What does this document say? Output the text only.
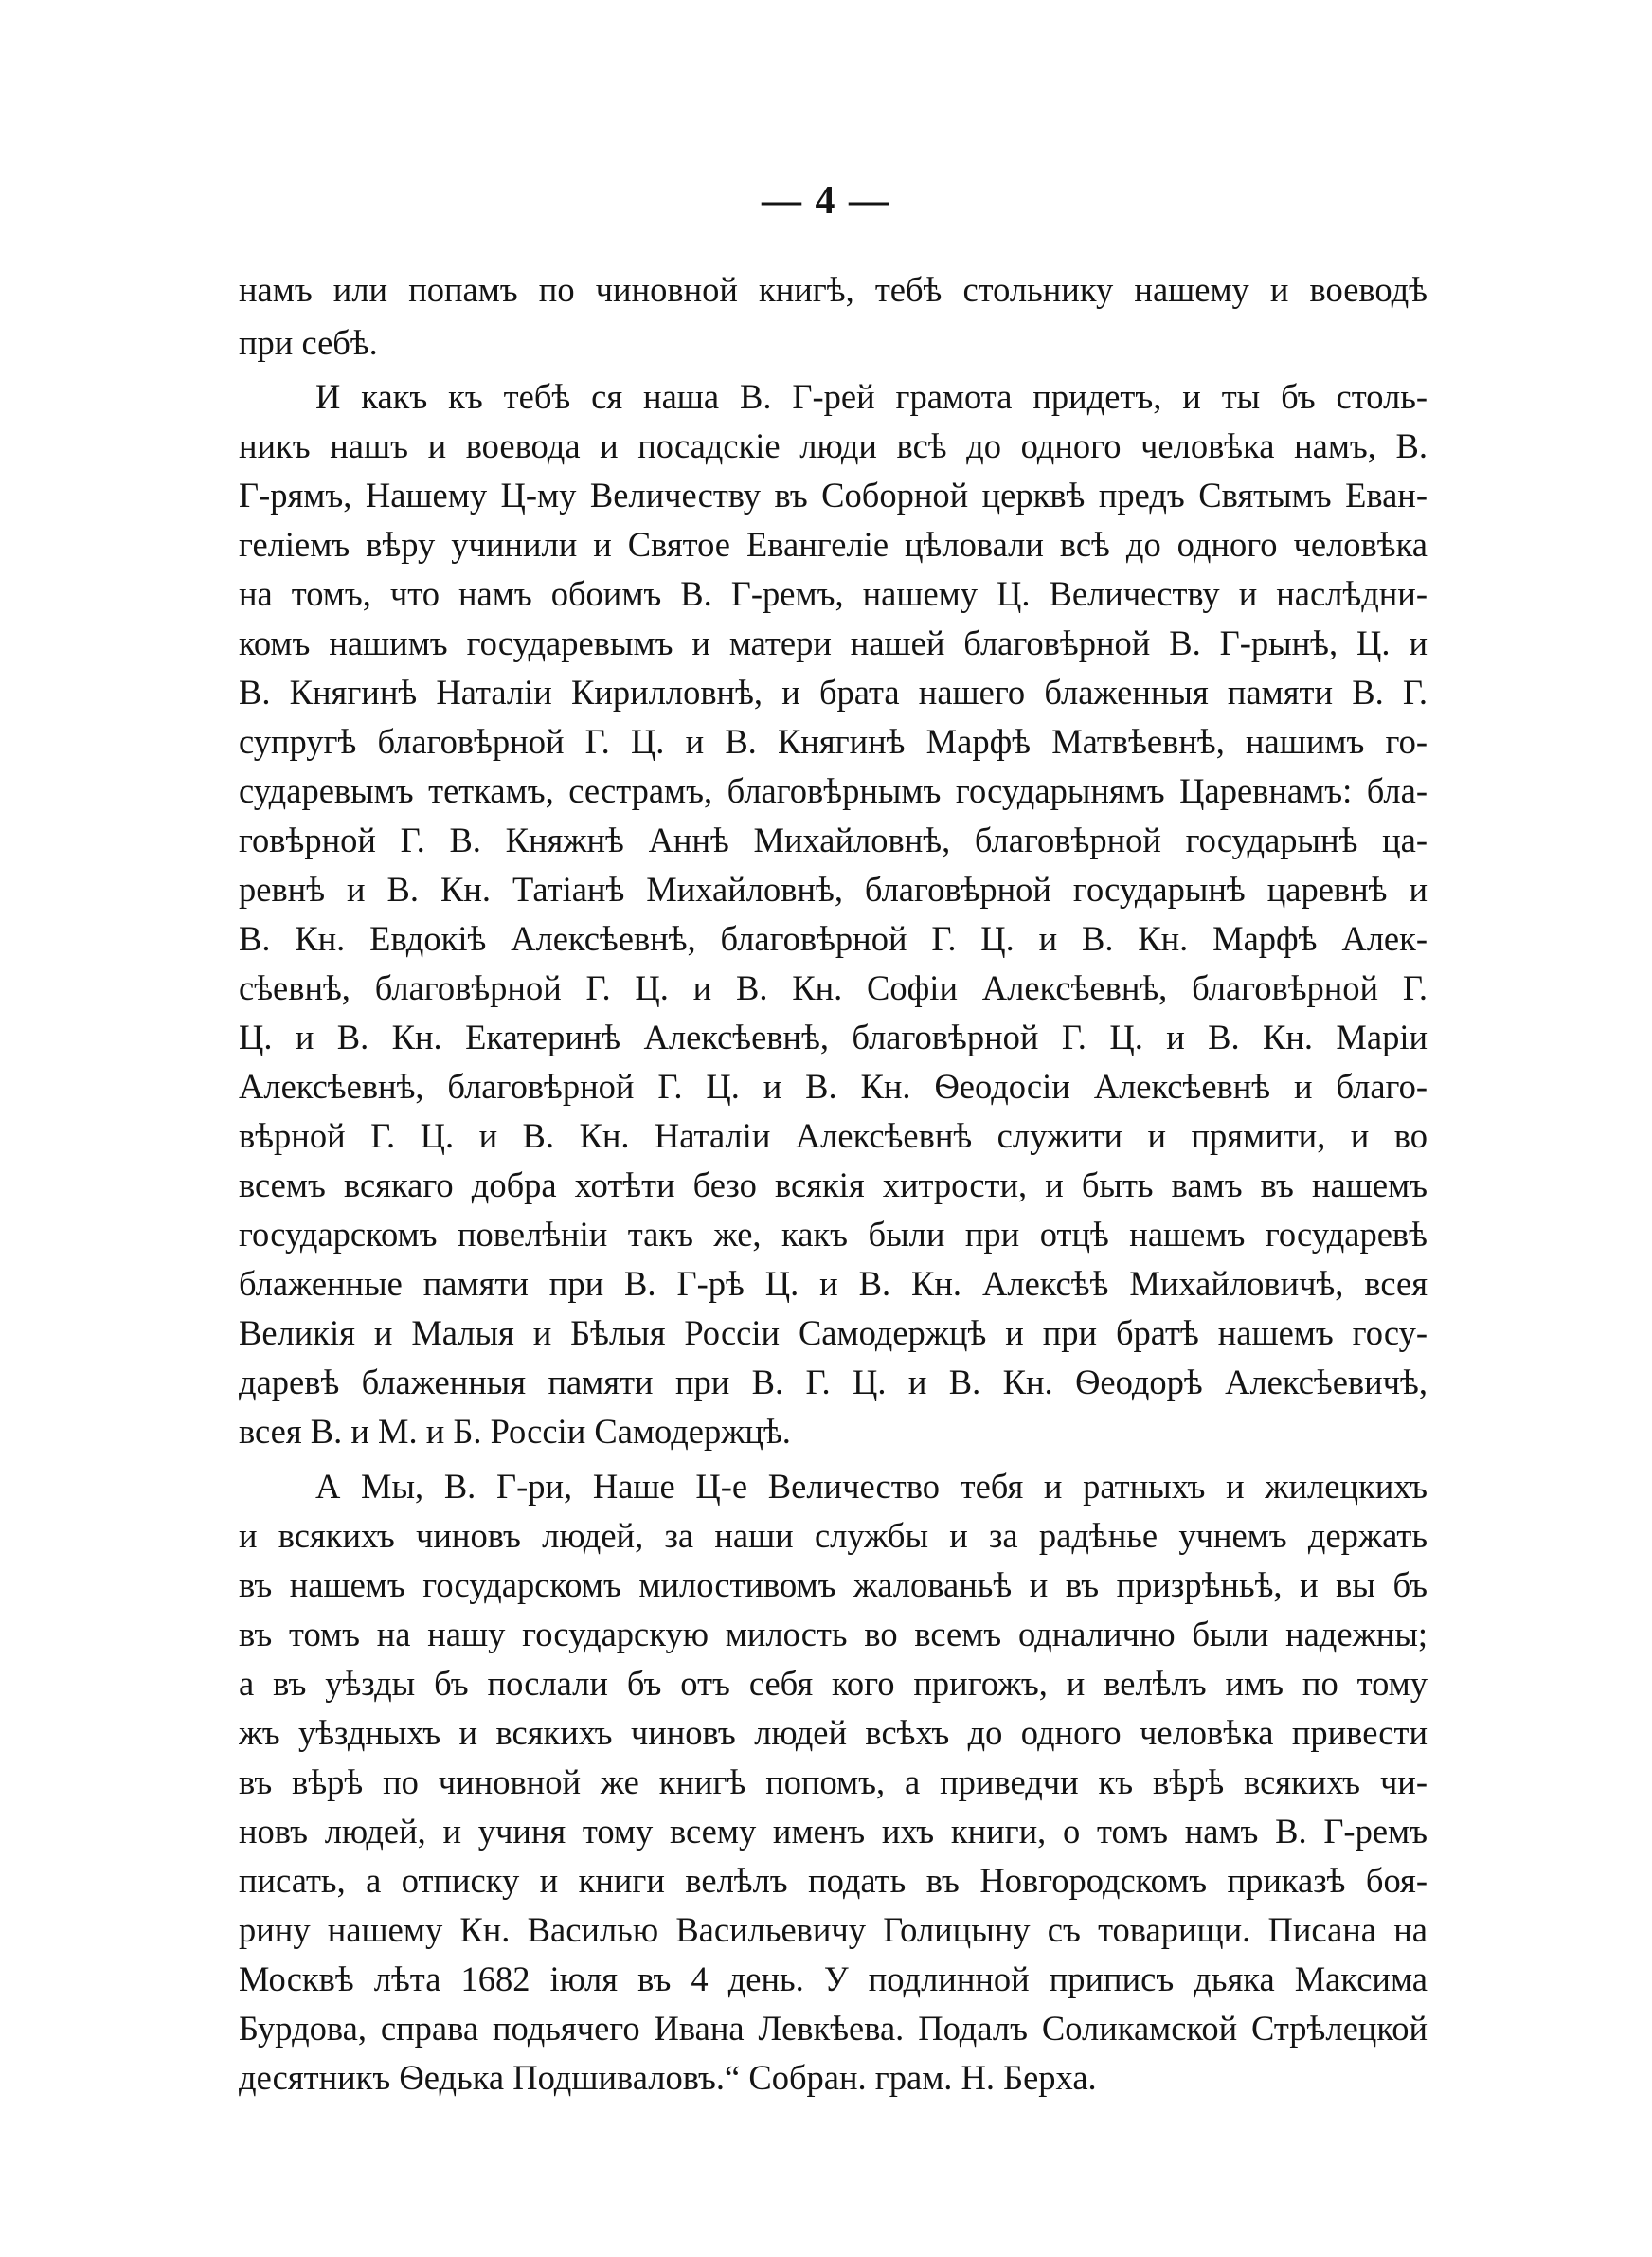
— 4 —
намъ или попамъ по чиновной книгѣ, тебѣ стольнику нашему и воеводѣ
при себѣ.
И какъ къ тебѣ ся наша В. Г-рей грамота придетъ, и ты бъ столь-
никъ нашъ и воевода и посадскіе люди всѣ до одного человѣка намъ, В.
Г-рямъ, Нашему Ц-му Величеству въ Соборной церквѣ предъ Святымъ Еван-
геліемъ вѣру учинили и Святое Евангеліе цѣловали всѣ до одного человѣка
на томъ, что намъ обоимъ В. Г-ремъ, нашему Ц. Величеству и наслѣдни-
комъ нашимъ государевымъ и матери нашей благовѣрной В. Г-рынѣ, Ц. и
В. Княгинѣ Наталіи Кирилловнѣ, и брата нашего блаженныя памяти В. Г.
супругѣ благовѣрной Г. Ц. и В. Княгинѣ Марфѣ Матвѣевнѣ, нашимъ го-
сударевымъ теткамъ, сестрамъ, благовѣрнымъ государынямъ Царевнамъ: бла-
говѣрной Г. В. Княжнѣ Аннѣ Михайловнѣ, благовѣрной государынѣ ца-
ревнѣ и В. Кн. Татіанѣ Михайловнѣ, благовѣрной государынѣ царевнѣ и
В. Кн. Евдокіѣ Алексѣевнѣ, благовѣрной Г. Ц. и В. Кн. Марфѣ Алек-
сѣевнѣ, благовѣрной Г. Ц. и В. Кн. Софіи Алексѣевнѣ, благовѣрной Г.
Ц. и В. Кн. Екатеринѣ Алексѣевнѣ, благовѣрной Г. Ц. и В. Кн. Маріи
Алексѣевнѣ, благовѣрной Г. Ц. и В. Кн. Ѳеодосіи Алексѣевнѣ и благо-
вѣрной Г. Ц. и В. Кн. Наталіи Алексѣевнѣ служити и прямити, и во
всемъ всякаго добра хотѣти безо всякія хитрости, и быть вамъ въ нашемъ
государскомъ повелѣніи такъ же, какъ были при отцѣ нашемъ государевѣ
блаженные памяти при В. Г-рѣ Ц. и В. Кн. Алексѣѣ Михайловичѣ, всея
Великія и Малыя и Бѣлыя Россіи Самодержцѣ и при братѣ нашемъ госу-
даревѣ блаженныя памяти при В. Г. Ц. и В. Кн. Ѳеодорѣ Алексѣевичѣ,
всея В. и М. и Б. Россіи Самодержцѣ.
А Мы, В. Г-ри, Наше Ц-е Величество тебя и ратныхъ и жилецкихъ
и всякихъ чиновъ людей, за наши службы и за радѣнье учнемъ держать
въ нашемъ государскомъ милостивомъ жалованьѣ и въ призрѣньѣ, и вы бъ
въ томъ на нашу государскую милость во всемъ одналично были надежны;
а въ уѣзды бъ послали бъ отъ себя кого пригожъ, и велѣлъ имъ по тому
жъ уѣздныхъ и всякихъ чиновъ людей всѣхъ до одного человѣка привести
въ вѣрѣ по чиновной же книгѣ попомъ, а приведчи къ вѣрѣ всякихъ чи-
новъ людей, и учиня тому всему именъ ихъ книги, о томъ намъ В. Г-ремъ
писать, а отписку и книги велѣлъ подать въ Новгородскомъ приказѣ боя-
рину нашему Кн. Василью Васильевичу Голицыну съ товарищи. Писана на
Москвѣ лѣта 1682 іюля въ 4 день. У подлинной приписъ дьяка Максима
Бурдова, справа подьячего Ивана Левкѣева. Подалъ Соликамской Стрѣлецкой
десятникъ Ѳедька Подшиваловъ.“ Собран. грам. Н. Берха.
